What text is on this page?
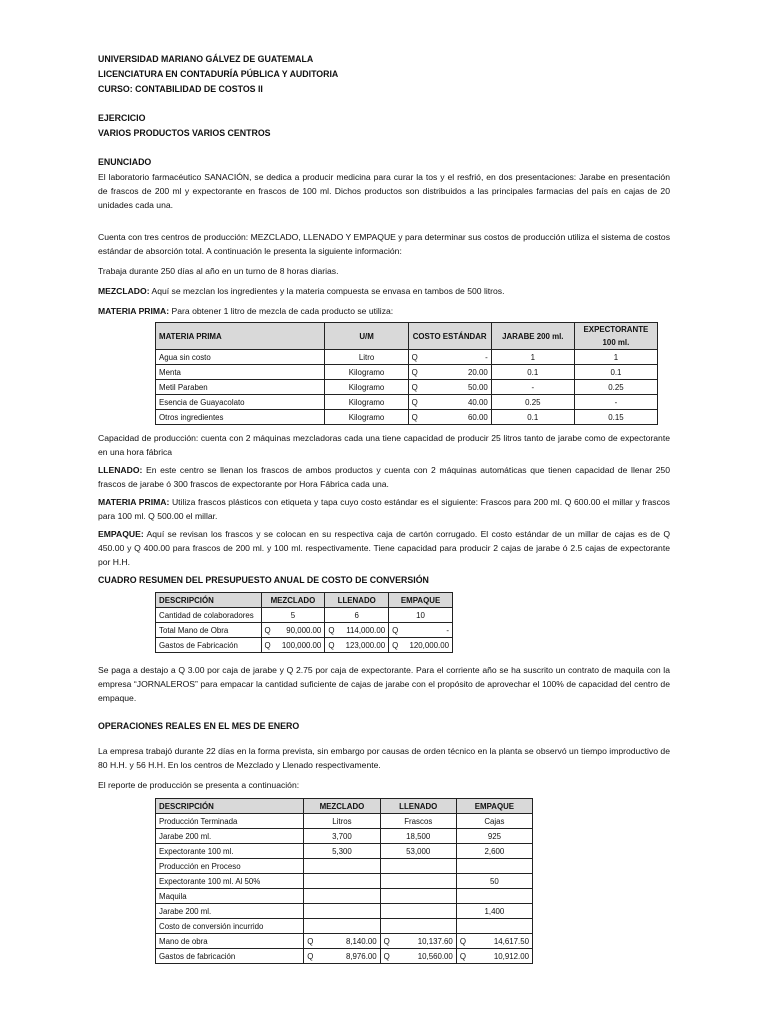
UNIVERSIDAD MARIANO GÁLVEZ DE GUATEMALA
LICENCIATURA EN CONTADURÍA PÚBLICA Y AUDITORIA
CURSO: CONTABILIDAD DE COSTOS II
EJERCICIO
VARIOS PRODUCTOS VARIOS CENTROS
ENUNCIADO
El laboratorio farmacéutico SANACIÓN, se dedica a producir medicina para curar la tos y el resfrió, en dos presentaciones: Jarabe en presentación de frascos de 200 ml y expectorante en frascos de 100 ml. Dichos productos son distribuidos a las principales farmacias del país en cajas de 20 unidades cada una.
Cuenta con tres centros de producción: MEZCLADO, LLENADO Y EMPAQUE y para determinar sus costos de producción utiliza el sistema de costos estándar de absorción total. A continuación le presenta la siguiente información:
Trabaja durante 250 días al año en un turno de 8 horas diarias.
MEZCLADO: Aquí se mezclan los ingredientes y la materia compuesta se envasa en tambos de 500 litros.
MATERIA PRIMA: Para obtener 1 litro de mezcla de cada producto se utiliza:
MATERIA PRIMA	U/M	COSTO ESTÁNDAR	JARABE 200 ml.	EXPECTORANTE 100 ml.
Agua sin costo	Litro	Q -	1	1
Menta	Kilogramo	Q 20.00	0.1	0.1
Metil Paraben	Kilogramo	Q 50.00	-	0.25
Esencia de Guayacolato	Kilogramo	Q 40.00	0.25	-
Otros ingredientes	Kilogramo	Q 60.00	0.1	0.15
Capacidad de producción: cuenta con 2 máquinas mezcladoras cada una tiene capacidad de producir 25 litros tanto de jarabe como de expectorante en una hora fábrica
LLENADO: En este centro se llenan los frascos de ambos productos y cuenta con 2 máquinas automáticas que tienen capacidad de llenar 250 frascos de jarabe ó 300 frascos de expectorante por Hora Fábrica cada una.
MATERIA PRIMA: Utiliza frascos plásticos con etiqueta y tapa cuyo costo estándar es el siguiente: Frascos para 200 ml. Q 600.00 el millar y frascos para 100 ml. Q 500.00 el millar.
EMPAQUE: Aquí se revisan los frascos y se colocan en su respectiva caja de cartón corrugado. El costo estándar de un millar de cajas es de Q 450.00 y Q 400.00 para frascos de 200 ml. y 100 ml. respectivamente. Tiene capacidad para producir 2 cajas de jarabe ó 2.5 cajas de expectorante por H.H.
CUADRO RESUMEN DEL PRESUPUESTO ANUAL DE COSTO DE CONVERSIÓN
DESCRIPCIÓN	MEZCLADO	LLENADO	EMPAQUE
Cantidad de colaboradores	5	6	10
Total Mano de Obra	Q 90,000.00	Q 114,000.00	Q -

Gastos de Fabricación	Q 100,000.00	Q 123,000.00	Q 120,000.00
Se paga a destajo a Q 3.00 por caja de jarabe y Q 2.75 por caja de expectorante. Para el corriente año se ha suscrito un contrato de maquila con la empresa “JORNALEROS” para empacar la cantidad suficiente de cajas de jarabe con el propósito de aprovechar el 100% de capacidad del centro de empaque.
OPERACIONES REALES EN EL MES DE ENERO
La empresa trabajó durante 22 días en la forma prevista, sin embargo por causas de orden técnico en la planta se observó un tiempo improductivo de 80 H.H. y 56 H.H. En los centros de Mezclado y Llenado respectivamente.
El reporte de producción se presenta a continuación:
DESCRIPCIÓN	MEZCLADO	LLENADO	EMPAQUE
Producción Terminada	Litros	Frascos	Cajas
Jarabe 200 ml.	3,700	18,500	925
Expectorante 100 ml.	5,300	53,000	2,600
Producción en Proceso			
Expectorante 100 ml. Al 50%			50
Maquila			
Jarabe 200 ml.			1,400
Costo de conversión incurrido			
Mano de obra	Q 8,140.00	Q 10,137.60	Q 14,617.50

Gastos de fabricación	Q 8,976.00	Q 10,560.00	Q 10,912.00
